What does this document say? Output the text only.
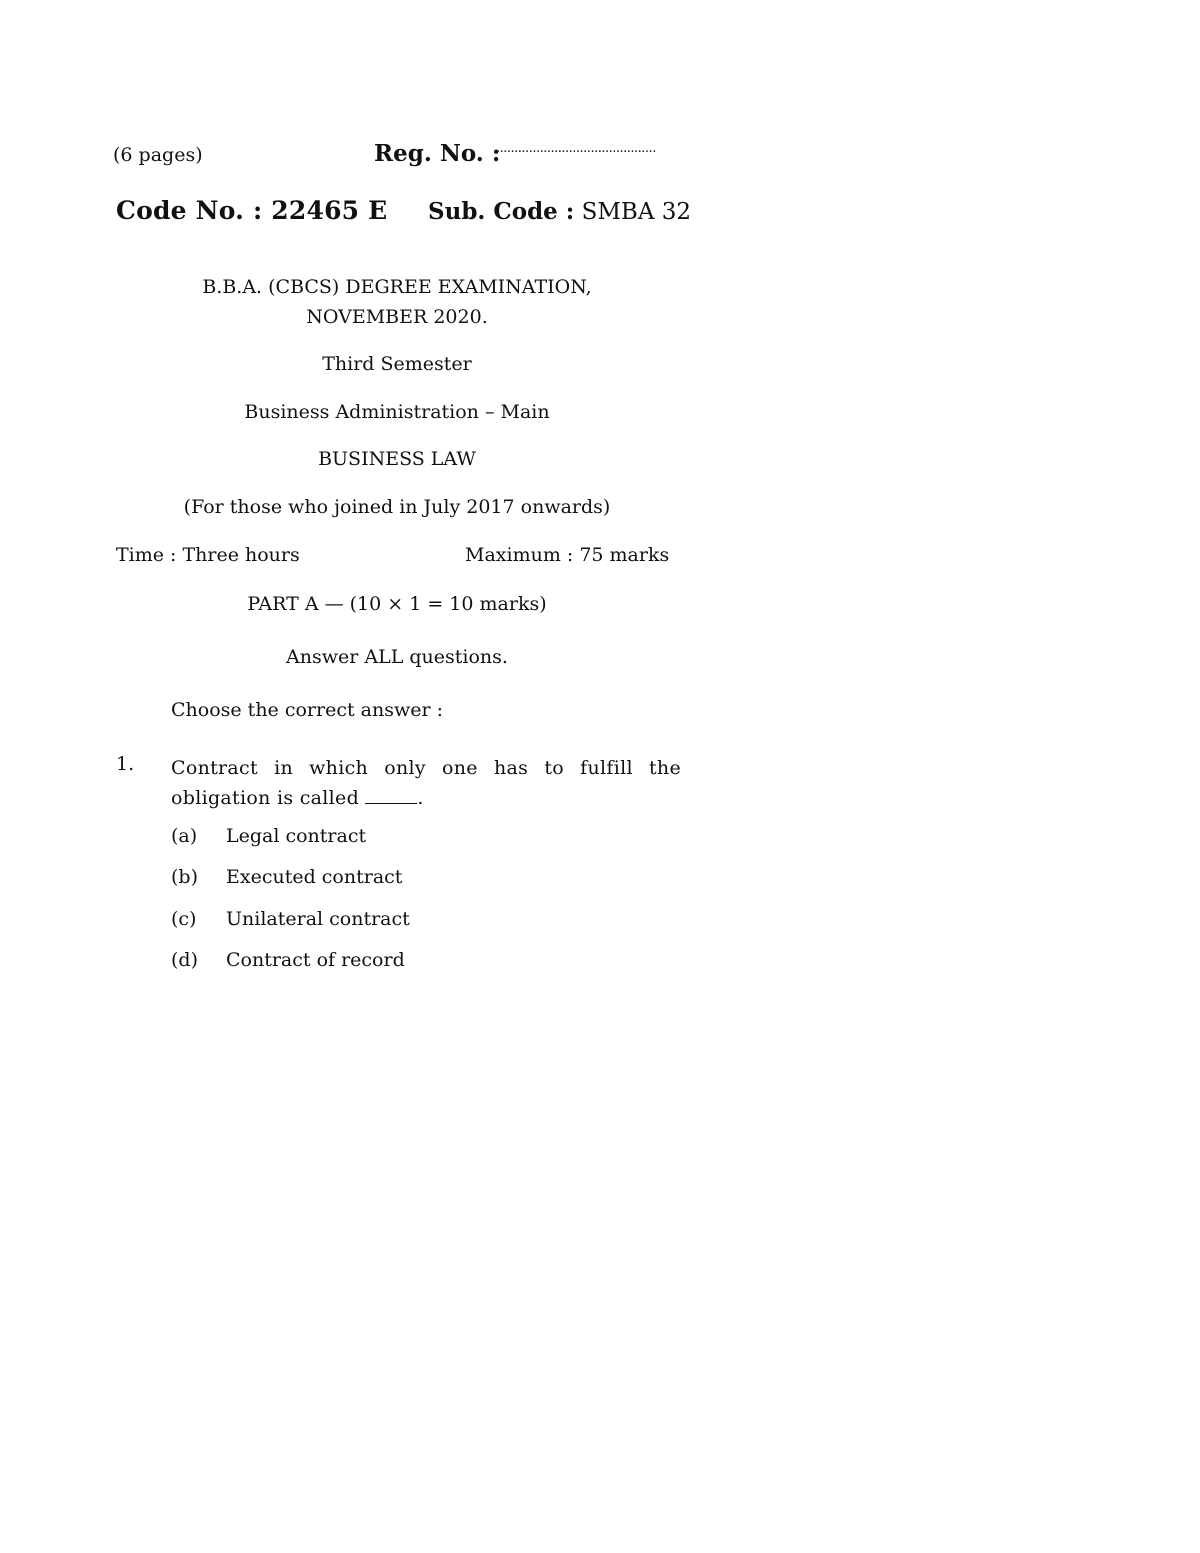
(6 pages)	Reg. No. :
............................................
Code No. : 22465 E Sub. Code : SMBA 32
B.B.A. (CBCS) DEGREE EXAMINATION,
NOVEMBER 2020.
Third Semester
Business Administration – Main
BUSINESS LAW
(For those who joined in July 2017 onwards)
Time : Three hours	Maximum : 75 marks
PART A — (10 × 1 = 10 marks)
Answer ALL questions.
Choose the correct answer :
1. Contract in which only one has to fulfill the
obligation is called	.
(a) Legal contract
(b) Executed contract
(c) Unilateral contract
(d) Contract of record
